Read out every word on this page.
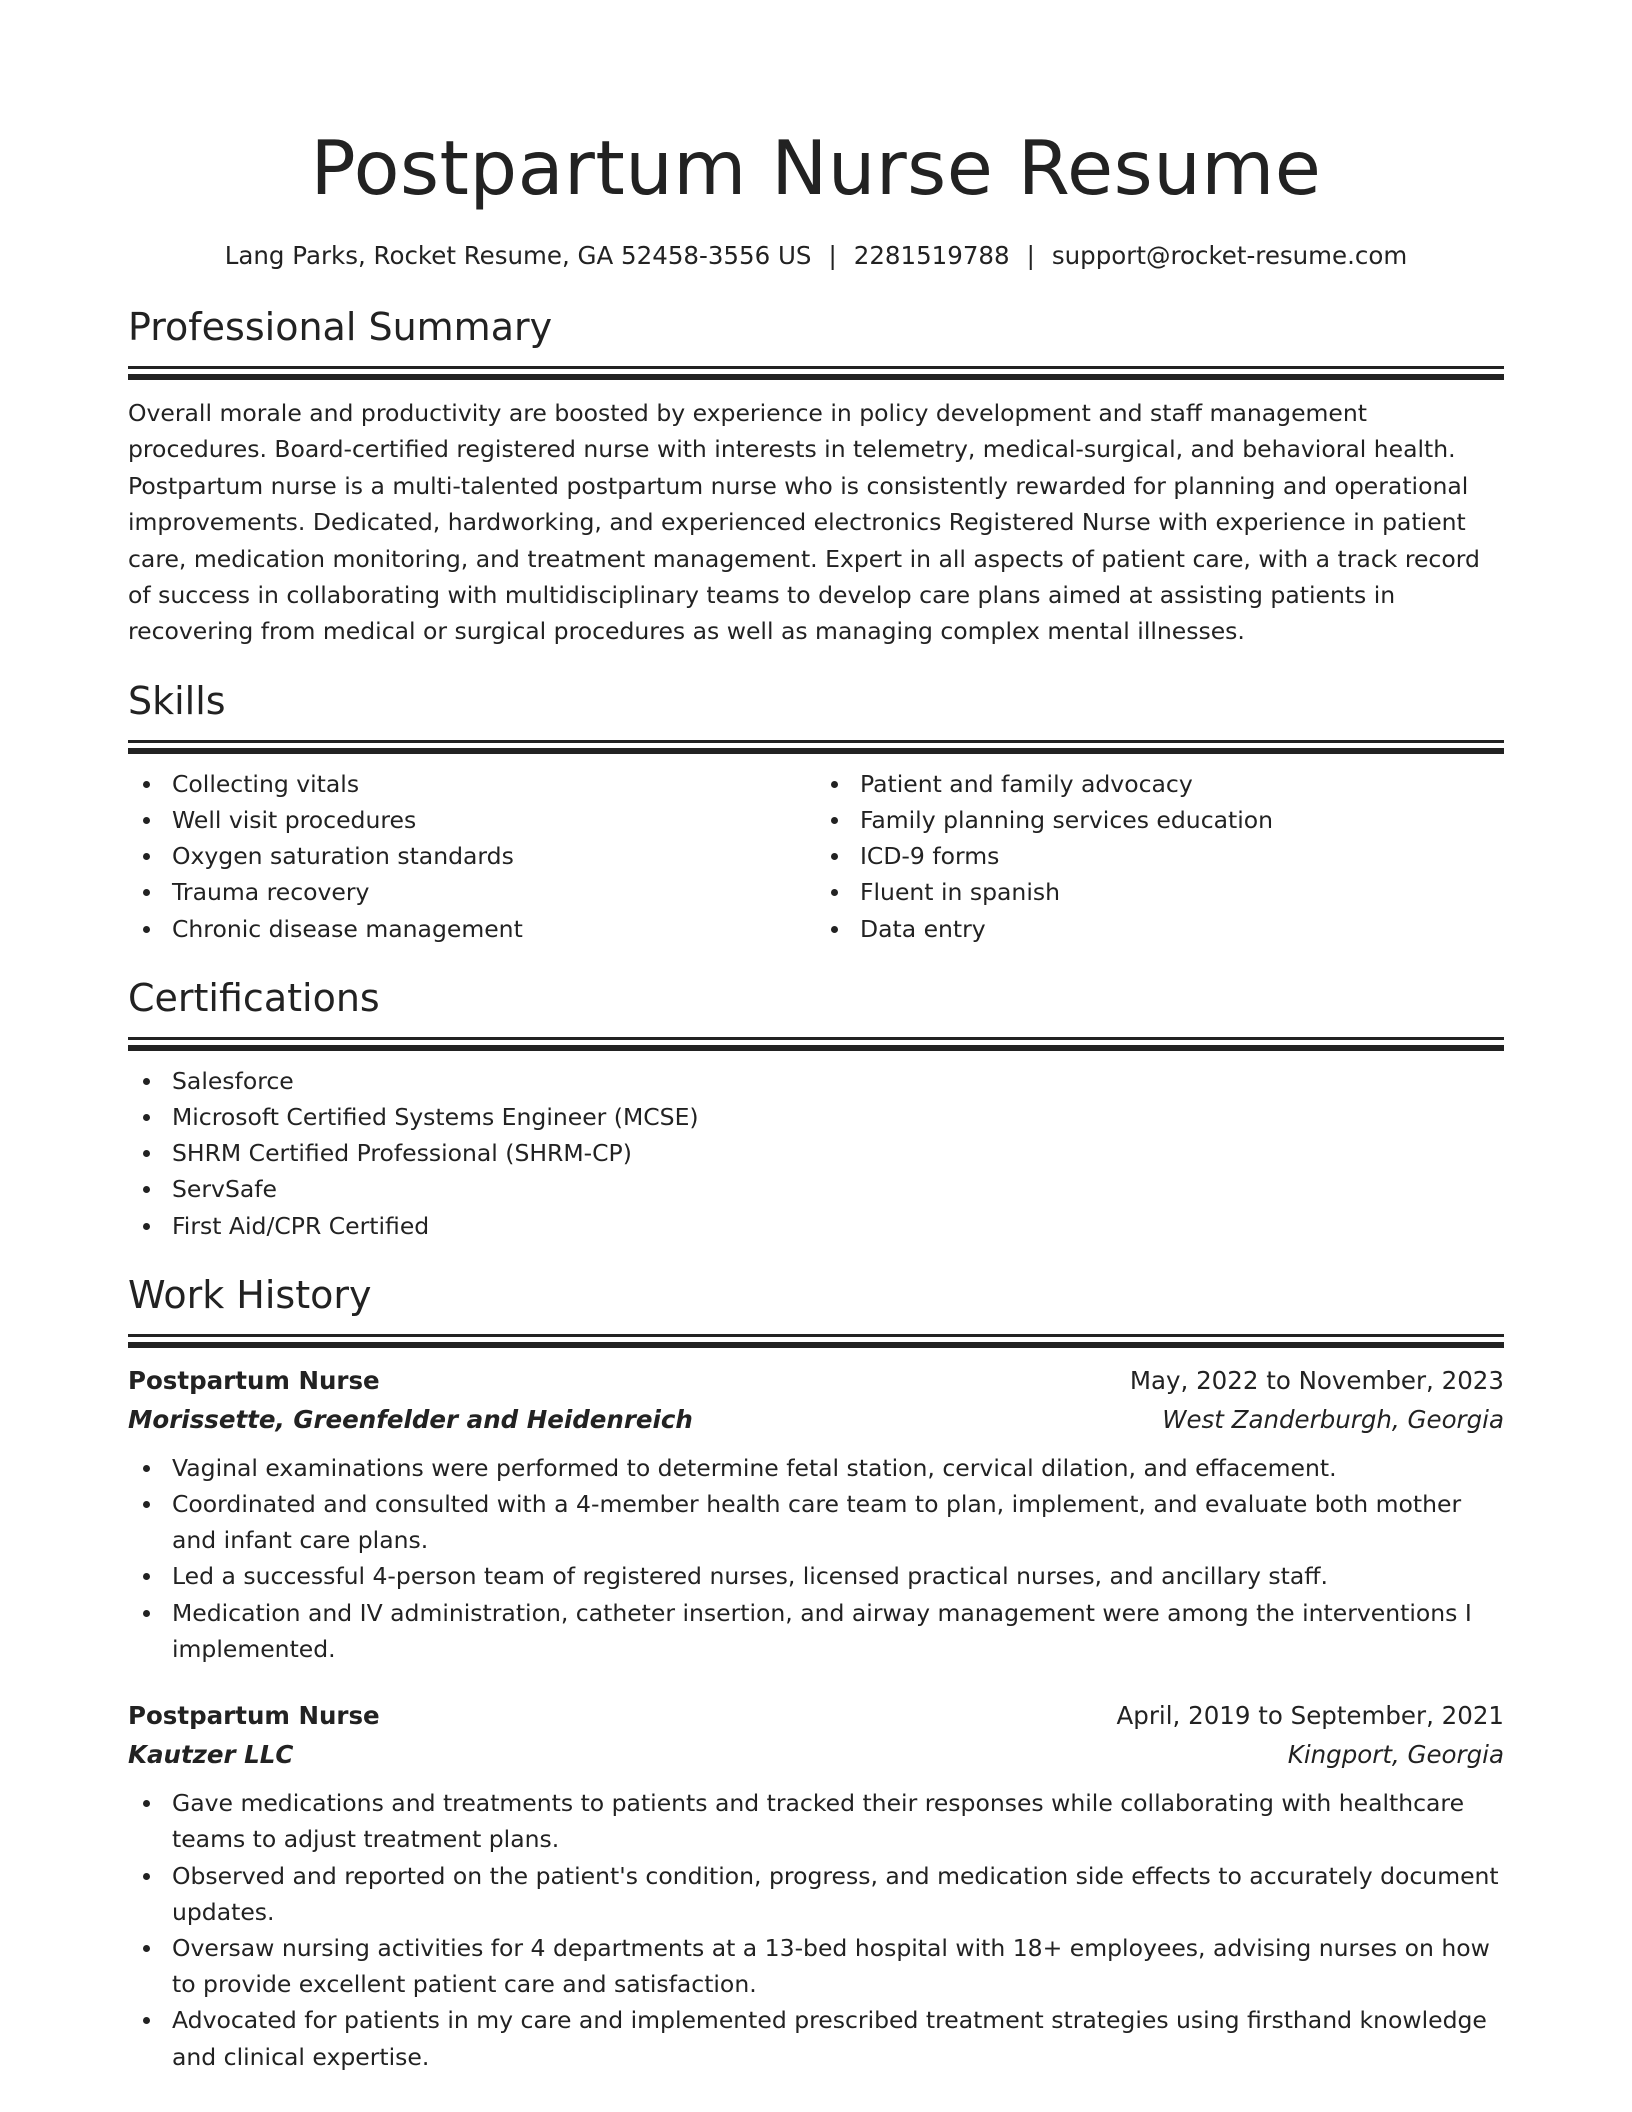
Postpartum Nurse Resume
Lang Parks, Rocket Resume, GA 52458-3556 US | 2281519788 | support@rocket-resume.com
Professional Summary
Overall morale and productivity are boosted by experience in policy development and staff management procedures. Board-certified registered nurse with interests in telemetry, medical-surgical, and behavioral health. Postpartum nurse is a multi-talented postpartum nurse who is consistently rewarded for planning and operational improvements. Dedicated, hardworking, and experienced electronics Registered Nurse with experience in patient care, medication monitoring, and treatment management. Expert in all aspects of patient care, with a track record of success in collaborating with multidisciplinary teams to develop care plans aimed at assisting patients in recovering from medical or surgical procedures as well as managing complex mental illnesses.
Skills
Collecting vitals
Well visit procedures
Oxygen saturation standards
Trauma recovery
Chronic disease management
Patient and family advocacy
Family planning services education
ICD-9 forms
Fluent in spanish
Data entry
Certifications
Salesforce
Microsoft Certified Systems Engineer (MCSE)
SHRM Certified Professional (SHRM-CP)
ServSafe
First Aid/CPR Certified
Work History
Postpartum Nurse	May, 2022 to November, 2023
Morissette, Greenfelder and Heidenreich	West Zanderburgh, Georgia
Vaginal examinations were performed to determine fetal station, cervical dilation, and effacement.
Coordinated and consulted with a 4-member health care team to plan, implement, and evaluate both mother and infant care plans.
Led a successful 4-person team of registered nurses, licensed practical nurses, and ancillary staff.
Medication and IV administration, catheter insertion, and airway management were among the interventions I implemented.
Postpartum Nurse	April, 2019 to September, 2021
Kautzer LLC	Kingport, Georgia
Gave medications and treatments to patients and tracked their responses while collaborating with healthcare teams to adjust treatment plans.
Observed and reported on the patient's condition, progress, and medication side effects to accurately document updates.
Oversaw nursing activities for 4 departments at a 13-bed hospital with 18+ employees, advising nurses on how to provide excellent patient care and satisfaction.
Advocated for patients in my care and implemented prescribed treatment strategies using firsthand knowledge and clinical expertise.
